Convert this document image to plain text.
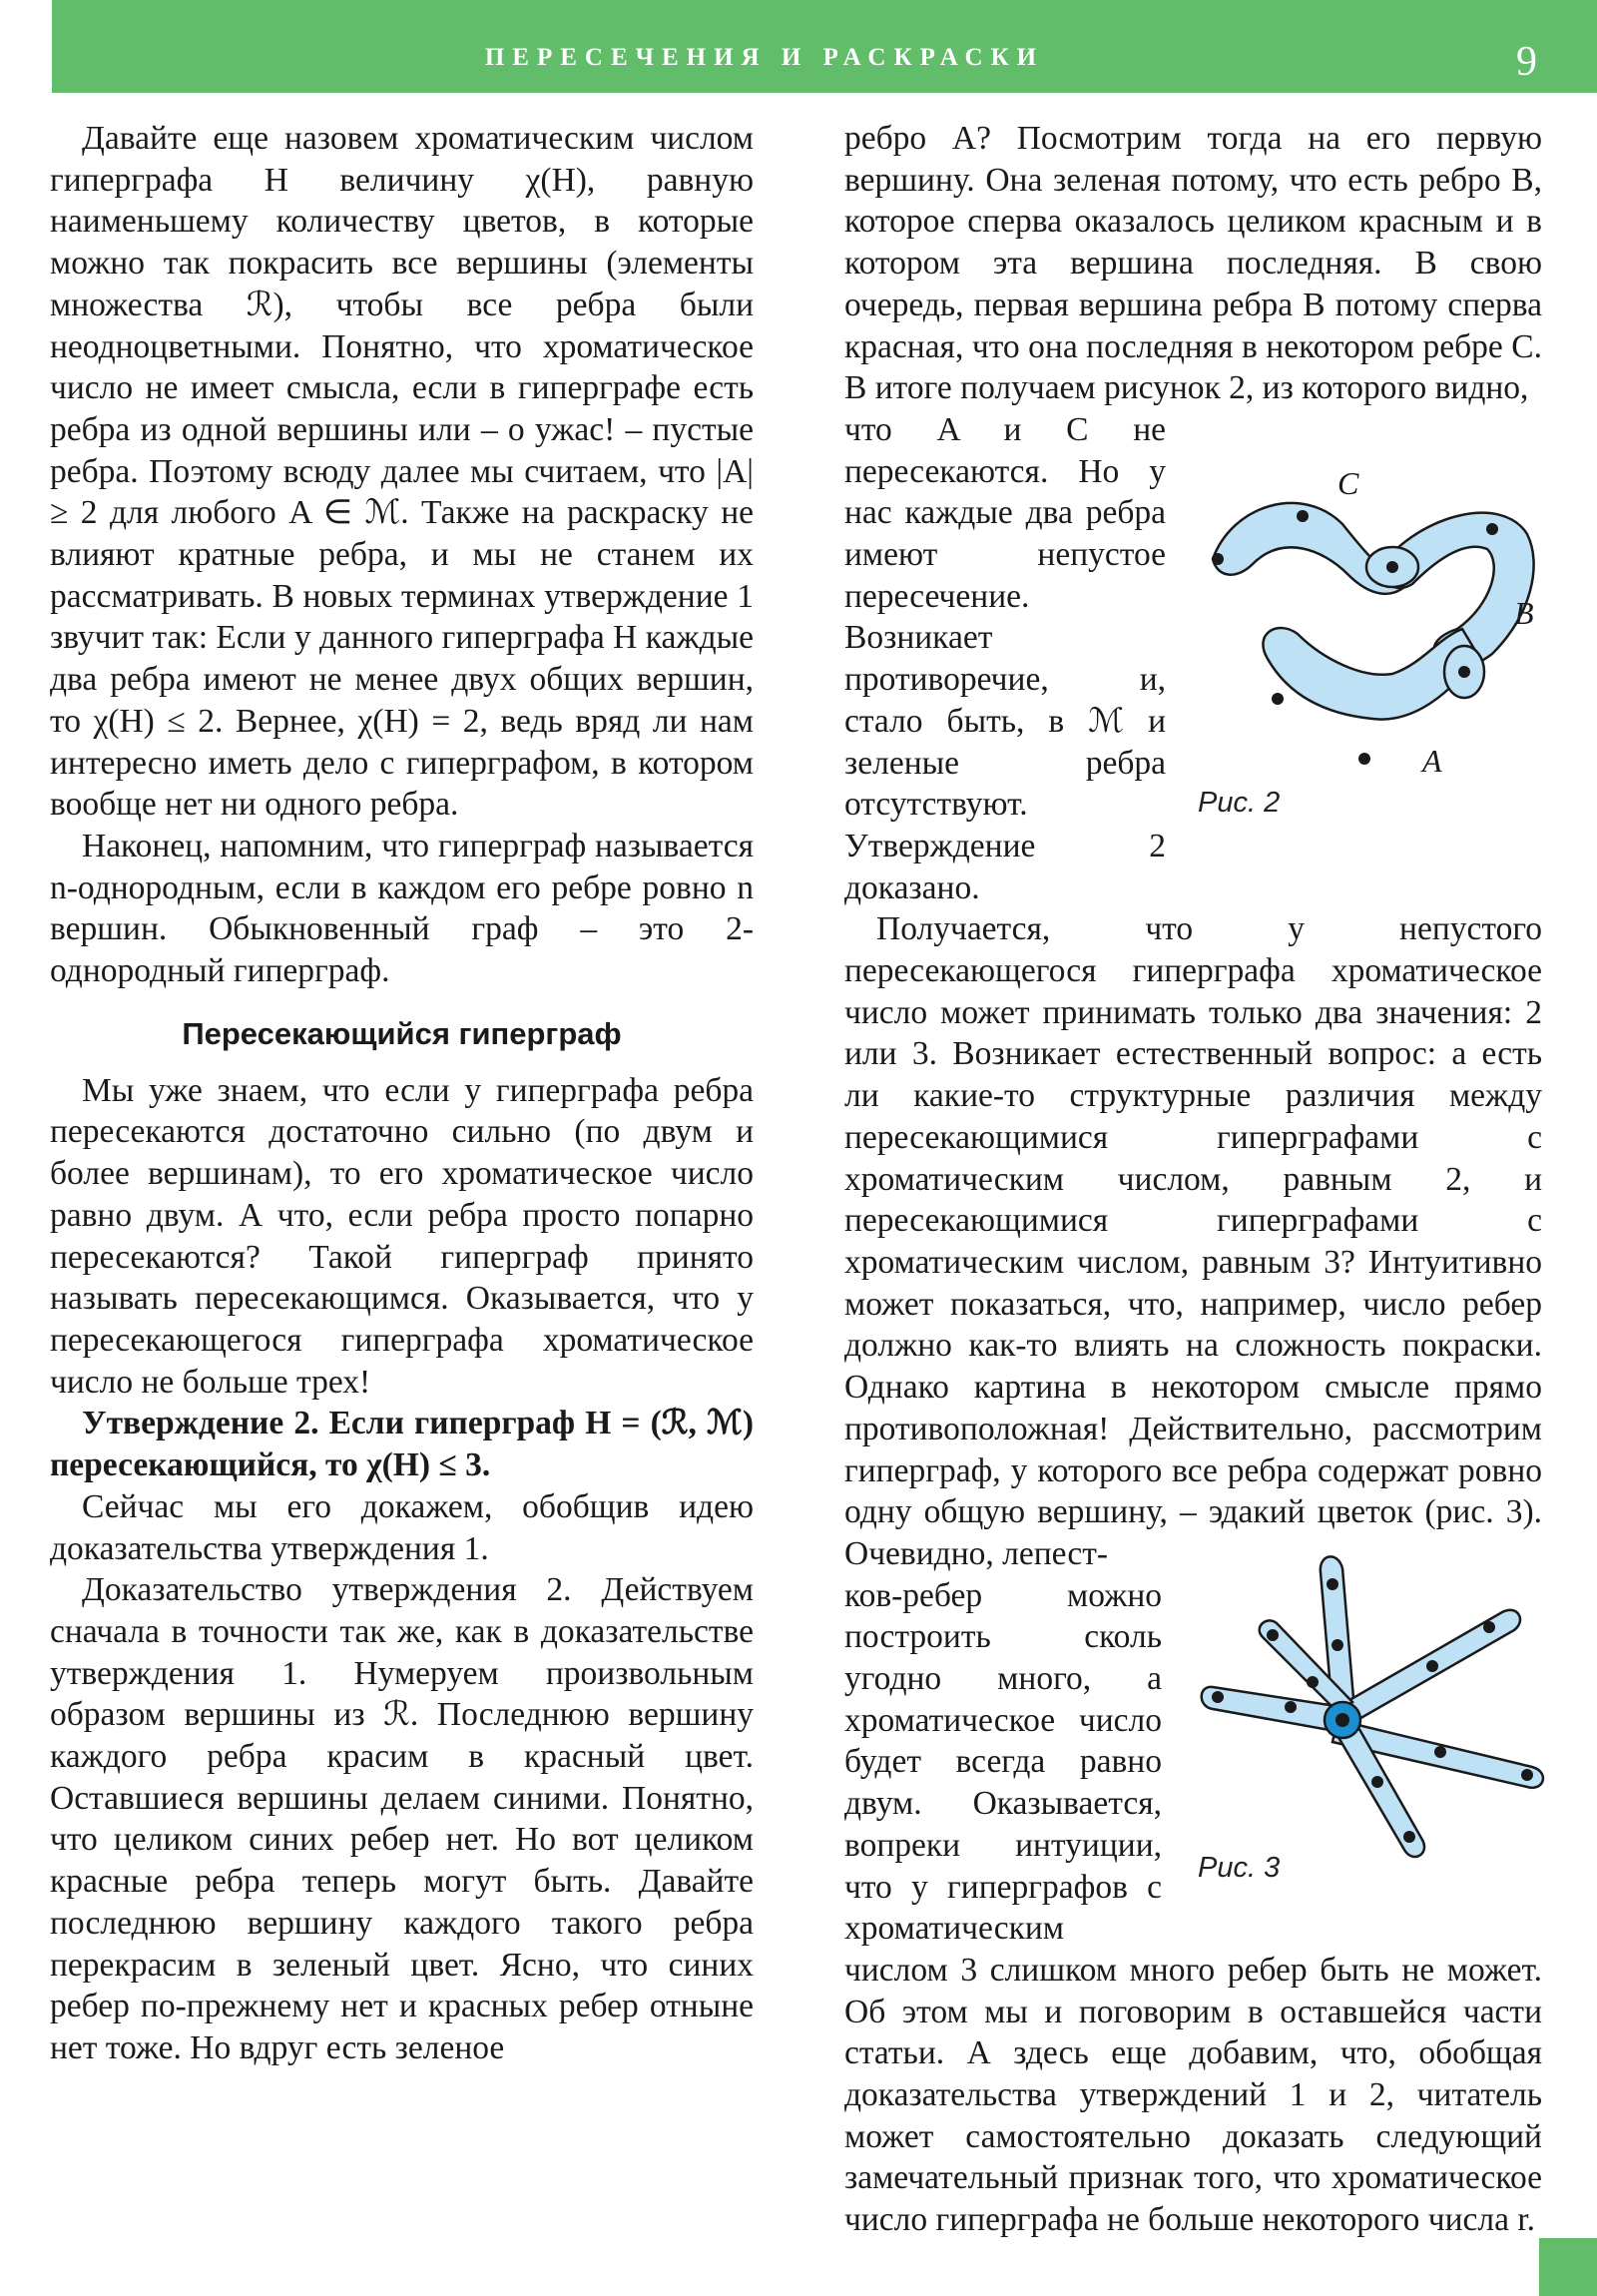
ПЕРЕСЕЧЕНИЯ И РАСКРАСКИ	9

Давайте еще назовем хроматическим числом гиперграфа H величину χ(H), равную наименьшему количеству цветов, в которые можно так покрасить все вершины (элементы множества ℛ), чтобы все ребра были неодноцветными. Понятно, что хроматическое число не имеет смысла, если в гиперграфе есть ребра из одной вершины или – о ужас! – пустые ребра. Поэтому всюду далее мы считаем, что |A| ≥ 2 для любого A ∈ ℳ. Также на раскраску не влияют кратные ребра, и мы не станем их рассматривать. В новых терминах утверждение 1 звучит так: Если у данного гиперграфа H каждые два ребра имеют не менее двух общих вершин, то χ(H) ≤ 2. Вернее, χ(H) = 2, ведь вряд ли нам интересно иметь дело с гиперграфом, в котором вообще нет ни одного ребра.

Наконец, напомним, что гиперграф называется n-однородным, если в каждом его ребре ровно n вершин. Обыкновенный граф – это 2-однородный гиперграф.

Пересекающийся гиперграф

Мы уже знаем, что если у гиперграфа ребра пересекаются достаточно сильно (по двум и более вершинам), то его хроматическое число равно двум. А что, если ребра просто попарно пересекаются? Такой гиперграф принято называть пересекающимся. Оказывается, что у пересекающегося гиперграфа хроматическое число не больше трех!

Утверждение 2. Если гиперграф H = (ℛ, ℳ) пересекающийся, то χ(H) ≤ 3.

Сейчас мы его докажем, обобщив идею доказательства утверждения 1.

Доказательство утверждения 2. Действуем сначала в точности так же, как в доказательстве утверждения 1. Нумеруем произвольным образом вершины из ℛ. Последнюю вершину каждого ребра красим в красный цвет. Оставшиеся вершины делаем синими. Понятно, что целиком синих ребер нет. Но вот целиком красные ребра теперь могут быть. Давайте последнюю вершину каждого такого ребра перекрасим в зеленый цвет. Ясно, что синих ребер по-прежнему нет и красных ребер отныне нет тоже. Но вдруг есть зеленое

ребро A? Посмотрим тогда на его первую вершину. Она зеленая потому, что есть ребро B, которое сперва оказалось целиком красным и в котором эта вершина последняя. В свою очередь, первая вершина ребра B потому сперва красная, что она последняя в некотором ребре C. В итоге получаем рисунок 2, из которого видно,

что A и C не пересекаются. Но у нас каждые два ребра имеют непустое пересечение. Возникает противоречие, и, стало быть, в ℳ и зеленые ребра отсутствуют. Утверждение 2 доказано.

Получается, что у непустого пересекающегося гиперграфа хроматическое число может принимать только два значения: 2 или 3. Возникает естественный вопрос: а есть ли какие-то структурные различия между пересекающимися гиперграфами с хроматическим числом, равным 2, и пересекающимися гиперграфами с хроматическим числом, равным 3? Интуитивно может показаться, что, например, число ребер должно как-то влиять на сложность покраски. Однако картина в некотором смысле прямо противоположная! Действительно, рассмотрим гиперграф, у которого все ребра содержат ровно одну общую вершину, – эдакий цветок (рис. 3). Очевидно, лепест-

ков-ребер можно построить сколь угодно много, а хроматическое число будет всегда равно двум. Оказывается, вопреки интуиции, что у гиперграфов с хроматическим

числом 3 слишком много ребер быть не может. Об этом мы и поговорим в оставшейся части статьи. А здесь еще добавим, что, обобщая доказательства утверждений 1 и 2, читатель может самостоятельно доказать следующий замечательный признак того, что хроматическое число гиперграфа не больше некоторого числа r.

C
B
A
Рис. 2
Рис. 3
